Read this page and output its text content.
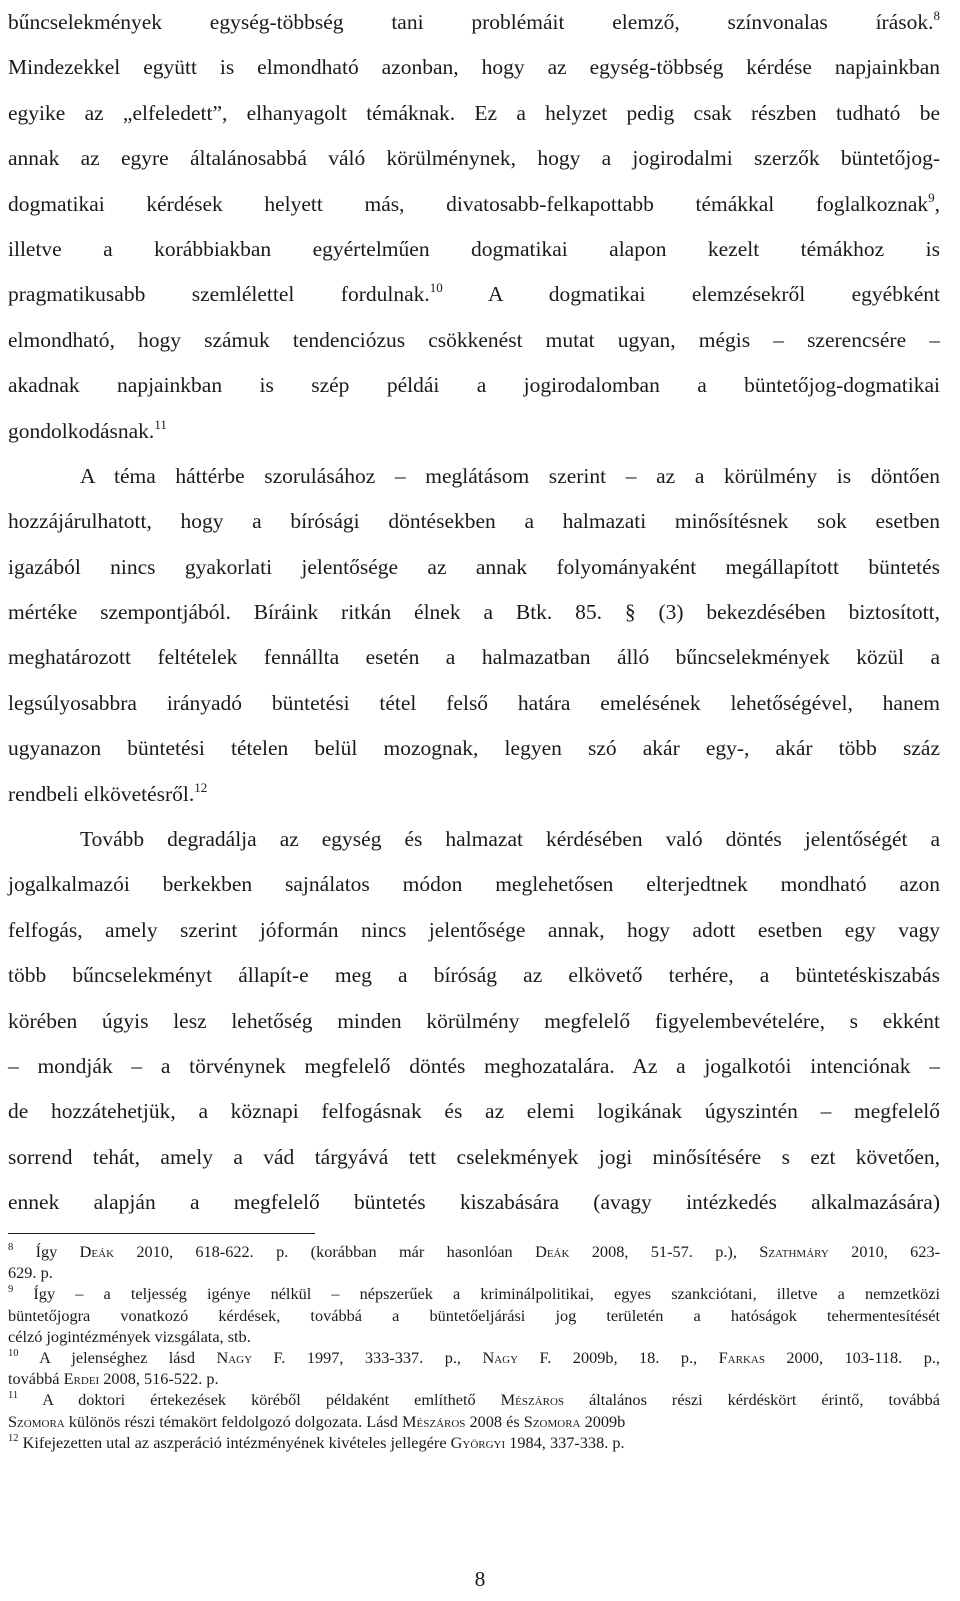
bűncselekmények egység-többség tani problémáit elemző, színvonalas írások.$^8$
Mindezekkel együtt is elmondható azonban, hogy az egység-többség kérdése napjainkban
egyike az „elfeledett”, elhanyagolt témáknak. Ez a helyzet pedig csak részben tudható be
annak az egyre általánosabbá váló körülménynek, hogy a jogirodalmi szerzők büntetőjog-
dogmatikai kérdések helyett más, divatosabb-felkapottabb témákkal foglalkoznak$^9$,
illetve a korábbiakban egyértelműen dogmatikai alapon kezelt témákhoz is
pragmatikusabb szemlélettel fordulnak.$^{10}$ A dogmatikai elemzésekről egyébként
elmondható, hogy számuk tendenciózus csökkenést mutat ugyan, mégis – szerencsére –
akadnak napjainkban is szép példái a jogirodalomban a büntetőjog-dogmatikai
gondolkodásnak.$^{11}$
A téma háttérbe szorulásához – meglátásom szerint – az a körülmény is döntően
hozzájárulhatott, hogy a bírósági döntésekben a halmazati minősítésnek sok esetben
igazából nincs gyakorlati jelentősége az annak folyományaként megállapított büntetés
mértéke szempontjából. Bíráink ritkán élnek a Btk. 85. § (3) bekezdésében biztosított,
meghatározott feltételek fennállta esetén a halmazatban álló bűncselekmények közül a
legsúlyosabbra irányadó büntetési tétel felső határa emelésének lehetőségével, hanem
ugyanazon büntetési tételen belül mozognak, legyen szó akár egy-, akár több száz
rendbeli elkövetésről.$^{12}$
Tovább degradálja az egység és halmazat kérdésében való döntés jelentőségét a
jogalkalmazói berkekben sajnálatos módon meglehetősen elterjedtnek mondható azon
felfogás, amely szerint jóformán nincs jelentősége annak, hogy adott esetben egy vagy
több bűncselekményt állapít-e meg a bíróság az elkövető terhére, a büntetéskiszabás
körében úgyis lesz lehetőség minden körülmény megfelelő figyelembevételére, s ekként
– mondják – a törvénynek megfelelő döntés meghozatalára. Az a jogalkotói intenciónak –
de hozzátehetjük, a köznapi felfogásnak és az elemi logikának úgyszintén – megfelelő
sorrend tehát, amely a vád tárgyává tett cselekmények jogi minősítésére s ezt követően,
ennek alapján a megfelelő büntetés kiszabására (avagy intézkedés alkalmazására)
$^8$ Így Deák 2010, 618-622. p. (korábban már hasonlóan Deák 2008, 51-57. p.), Szathmáry 2010, 623-
629. p.
$^9$ Így – a teljesség igénye nélkül – népszerűek a kriminálpolitikai, egyes szankciótani, illetve a nemzetközi
büntetőjogra vonatkozó kérdések, továbbá a büntetőeljárási jog területén a hatóságok tehermentesítését
célzó jogintézmények vizsgálata, stb.
$^{10}$ A jelenséghez lásd Nagy F. 1997, 333-337. p., Nagy F. 2009b, 18. p., Farkas 2000, 103-118. p.,
továbbá Erdei 2008, 516-522. p.
$^{11}$ A doktori értekezések köréből példaként említhető Mészáros általános részi kérdéskört érintő, továbbá
Szomora különös részi témakört feldolgozó dolgozata. Lásd Mészáros 2008 és Szomora 2009b
$^{12}$ Kifejezetten utal az aszperáció intézményének kivételes jellegére Györgyi 1984, 337-338. p.
8
